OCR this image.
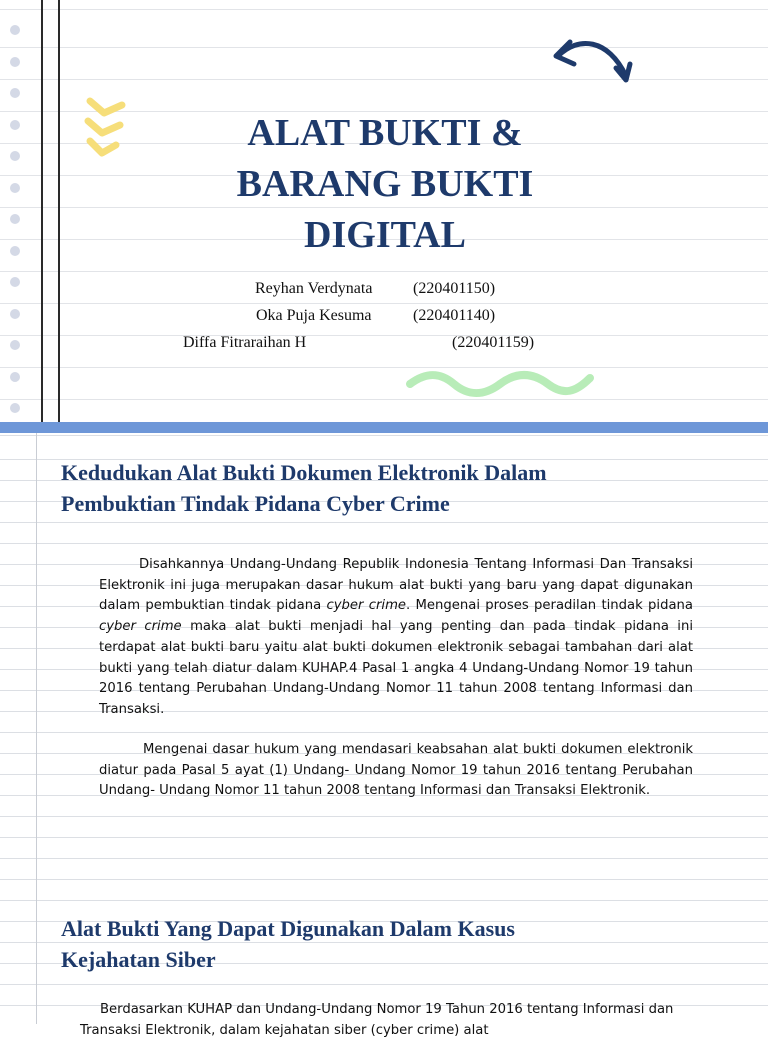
ALAT BUKTI &
BARANG BUKTI
DIGITAL
Reyhan Verdynata	(220401150)
Oka Puja Kesuma	(220401140)
Diffa Fitraraihan H	(220401159)
Kedudukan Alat Bukti Dokumen Elektronik Dalam
Pembuktian Tindak Pidana Cyber Crime

Disahkannya Undang-Undang Republik Indonesia Tentang Informasi Dan Transaksi Elektronik ini juga merupakan dasar hukum alat bukti yang baru yang dapat digunakan dalam pembuktian tindak pidana cyber crime. Mengenai proses peradilan tindak pidana cyber crime maka alat bukti menjadi hal yang penting dan pada tindak pidana ini terdapat alat bukti baru yaitu alat bukti dokumen elektronik sebagai tambahan dari alat bukti yang telah diatur dalam KUHAP.4 Pasal 1 angka 4 Undang-Undang Nomor 19 tahun 2016 tentang Perubahan Undang-Undang Nomor 11 tahun 2008 tentang Informasi dan Transaksi.

Mengenai dasar hukum yang mendasari keabsahan alat bukti dokumen elektronik diatur pada Pasal 5 ayat (1) Undang- Undang Nomor 19 tahun 2016 tentang Perubahan Undang- Undang Nomor 11 tahun 2008 tentang Informasi dan Transaksi Elektronik.

Alat Bukti Yang Dapat Digunakan Dalam Kasus
Kejahatan Siber

Berdasarkan KUHAP dan Undang-Undang Nomor 19 Tahun 2016 tentang Informasi dan Transaksi Elektronik, dalam kejahatan siber (cyber crime) alat
